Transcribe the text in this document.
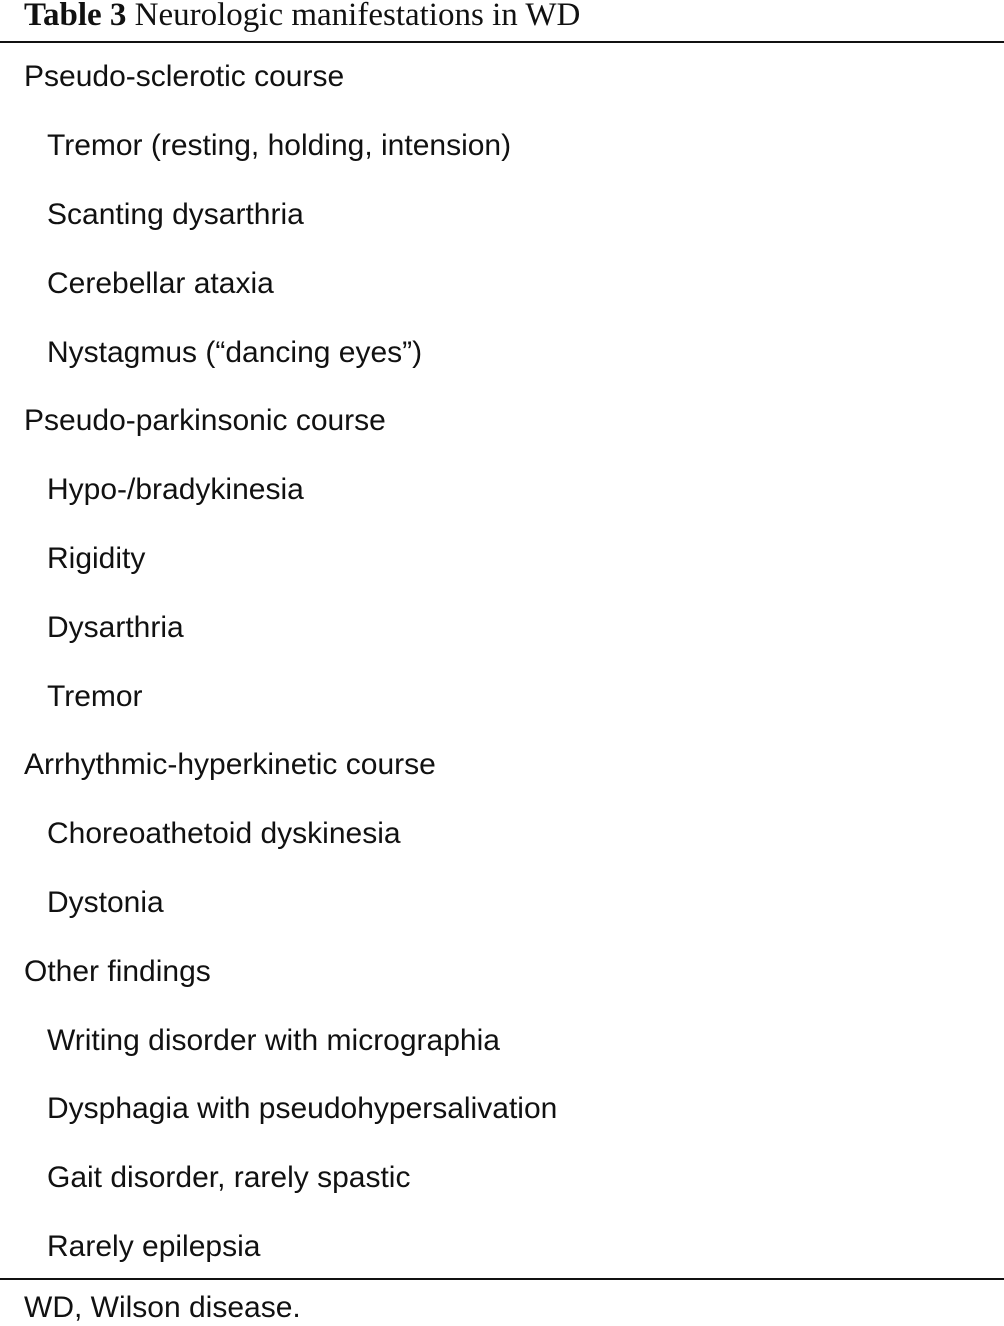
Table 3 Neurologic manifestations in WD
Pseudo-sclerotic course
Tremor (resting, holding, intension)
Scanting dysarthria
Cerebellar ataxia
Nystagmus (“dancing eyes”)
Pseudo-parkinsonic course
Hypo-/bradykinesia
Rigidity
Dysarthria
Tremor
Arrhythmic-hyperkinetic course
Choreoathetoid dyskinesia
Dystonia
Other findings
Writing disorder with micrographia
Dysphagia with pseudohypersalivation
Gait disorder, rarely spastic
Rarely epilepsia
WD, Wilson disease.
